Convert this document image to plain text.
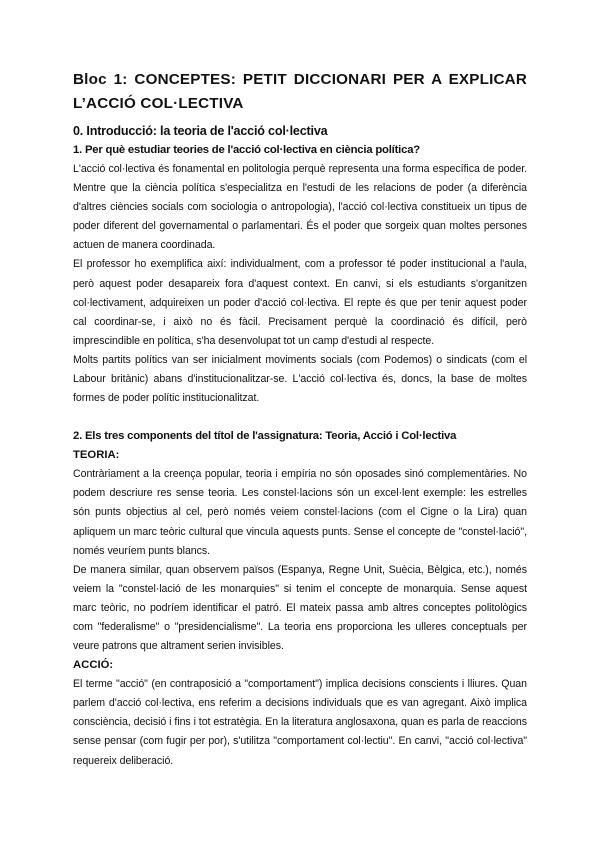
Bloc 1: CONCEPTES: PETIT DICCIONARI PER A EXPLICAR L’ACCIÓ COL·LECTIVA
0. Introducció: la teoria de l'acció col·lectiva
1. Per què estudiar teories de l'acció col·lectiva en ciència política?

L'acció col·lectiva és fonamental en politologia perquè representa una forma específica de poder. Mentre que la ciència política s'especialitza en l'estudi de les relacions de poder (a diferència d'altres ciències socials com sociologia o antropologia), l'acció col·lectiva constitueix un tipus de poder diferent del governamental o parlamentari. És el poder que sorgeix quan moltes persones actuen de manera coordinada.

El professor ho exemplifica així: individualment, com a professor té poder institucional a l'aula, però aquest poder desapareix fora d'aquest context. En canvi, si els estudiants s'organitzen col·lectivament, adquireixen un poder d'acció col·lectiva. El repte és que per tenir aquest poder cal coordinar-se, i això no és fàcil. Precisament perquè la coordinació és difícil, però imprescindible en política, s'ha desenvolupat tot un camp d'estudi al respecte.

Molts partits polítics van ser inicialment moviments socials (com Podemos) o sindicats (com el Labour britànic) abans d'institucionalitzar-se. L'acció col·lectiva és, doncs, la base de moltes formes de poder polític institucionalitzat.

2. Els tres components del títol de l'assignatura: Teoria, Acció i Col·lectiva

TEORIA:

Contràriament a la creença popular, teoria i empíria no són oposades sinó complementàries. No podem descriure res sense teoria. Les constel·lacions són un excel·lent exemple: les estrelles són punts objectius al cel, però només veiem constel·lacions (com el Cigne o la Lira) quan apliquem un marc teòric cultural que vincula aquests punts. Sense el concepte de "constel·lació", només veuríem punts blancs.

De manera similar, quan observem països (Espanya, Regne Unit, Suècia, Bèlgica, etc.), només veiem la "constel·lació de les monarquies" si tenim el concepte de monarquia. Sense aquest marc teòric, no podríem identificar el patró. El mateix passa amb altres conceptes politològics com "federalisme" o "presidencialisme". La teoria ens proporciona les ulleres conceptuals per veure patrons que altrament serien invisibles.

ACCIÓ:

El terme "acció" (en contraposició a "comportament") implica decisions conscients i lliures. Quan parlem d'acció col·lectiva, ens referim a decisions individuals que es van agregant. Això implica consciència, decisió i fins i tot estratègia. En la literatura anglosaxona, quan es parla de reaccions sense pensar (com fugir per por), s'utilitza "comportament col·lectiu". En canvi, "acció col·lectiva" requereix deliberació.
